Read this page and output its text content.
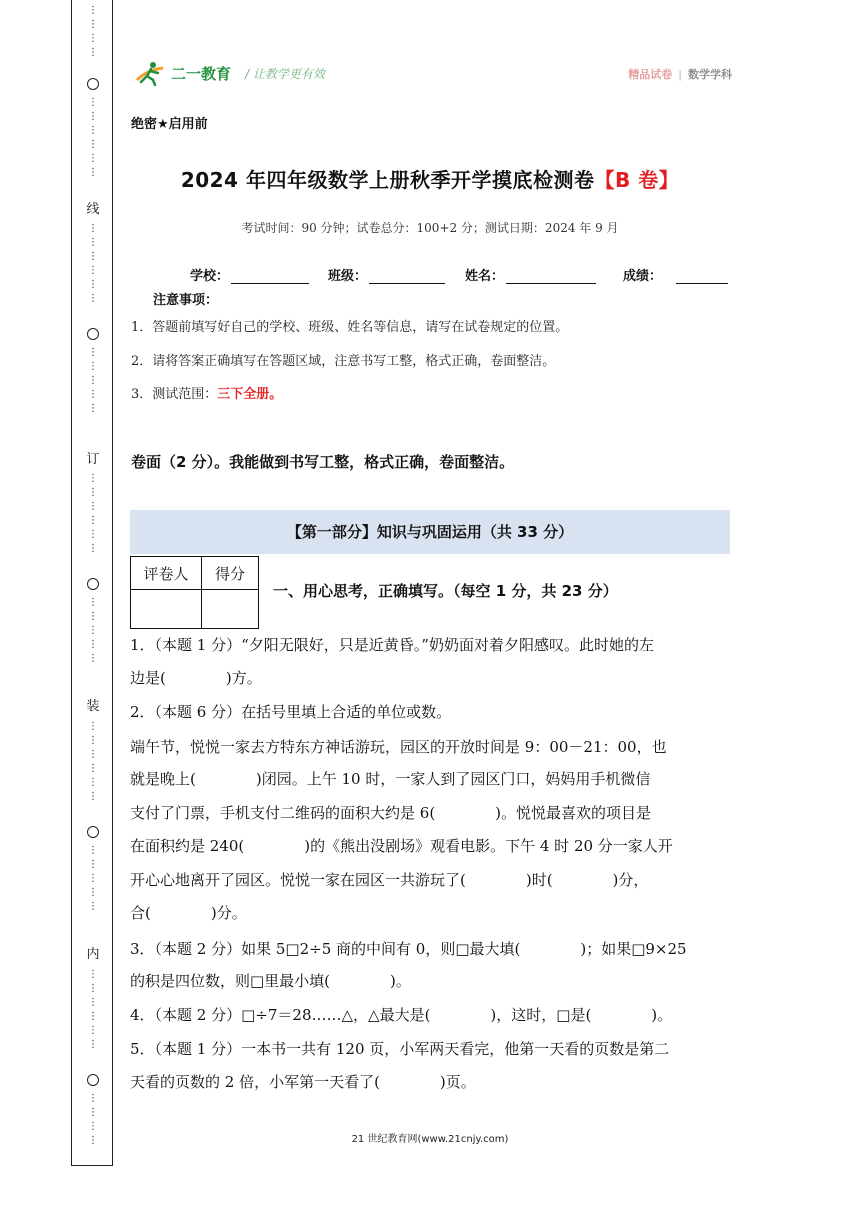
⋮
⋮
⋮
⋮
⋮
⋮
⋮
⋮
⋮
⋮
线
⋮
⋮
⋮
⋮
⋮
⋮
⋮
⋮
⋮
⋮
⋮
订
⋮
⋮
⋮
⋮
⋮
⋮
⋮
⋮
⋮
⋮
⋮
装
⋮
⋮
⋮
⋮
⋮
⋮
⋮
⋮
⋮
⋮
⋮
内
⋮
⋮
⋮
⋮
⋮
⋮
⋮
⋮
⋮
⋮
二一教育 / 让教学更有效	精品试卷 | 数学学科
绝密★启用前
2024 年四年级数学上册秋季开学摸底检测卷【B 卷】
考试时间：90 分钟；试卷总分：100+2 分；测试日期：2024 年 9 月
学校：	班级：	姓名：	成绩：
注意事项：
1．答题前填写好自己的学校、班级、姓名等信息，请写在试卷规定的位置。
2．请将答案正确填写在答题区域，注意书写工整，格式正确，卷面整洁。
3．测试范围：三下全册。
卷面（2 分）。我能做到书写工整，格式正确，卷面整洁。
【第一部分】知识与巩固运用（共 33 分）
评卷人	得分

一、用心思考，正确填写。（每空 1 分，共 23 分）
1．（本题 1 分）“夕阳无限好，只是近黄昏。”奶奶面对着夕阳感叹。此时她的左
边是(　　　　)方。
2．（本题 6 分）在括号里填上合适的单位或数。
端午节，悦悦一家去方特东方神话游玩，园区的开放时间是 9：00－21：00，也
就是晚上(　　　　)闭园。上午 10 时，一家人到了园区门口，妈妈用手机微信
支付了门票，手机支付二维码的面积大约是 6(　　　　)。悦悦最喜欢的项目是
在面积约是 240(　　　　)的《熊出没剧场》观看电影。下午 4 时 20 分一家人开
开心心地离开了园区。悦悦一家在园区一共游玩了(　　　　)时(　　　　)分，
合(　　　　)分。
3．（本题 2 分）如果 5□2÷5 商的中间有 0，则□最大填(　　　　)；如果□9×25
的积是四位数，则□里最小填(　　　　)。
4．（本题 2 分）□÷7＝28……△，△最大是(　　　　)，这时，□是(　　　　)。
5．（本题 1 分）一本书一共有 120 页，小军两天看完，他第一天看的页数是第二
天看的页数的 2 倍，小军第一天看了(　　　　)页。
21 世纪教育网(www.21cnjy.com)
